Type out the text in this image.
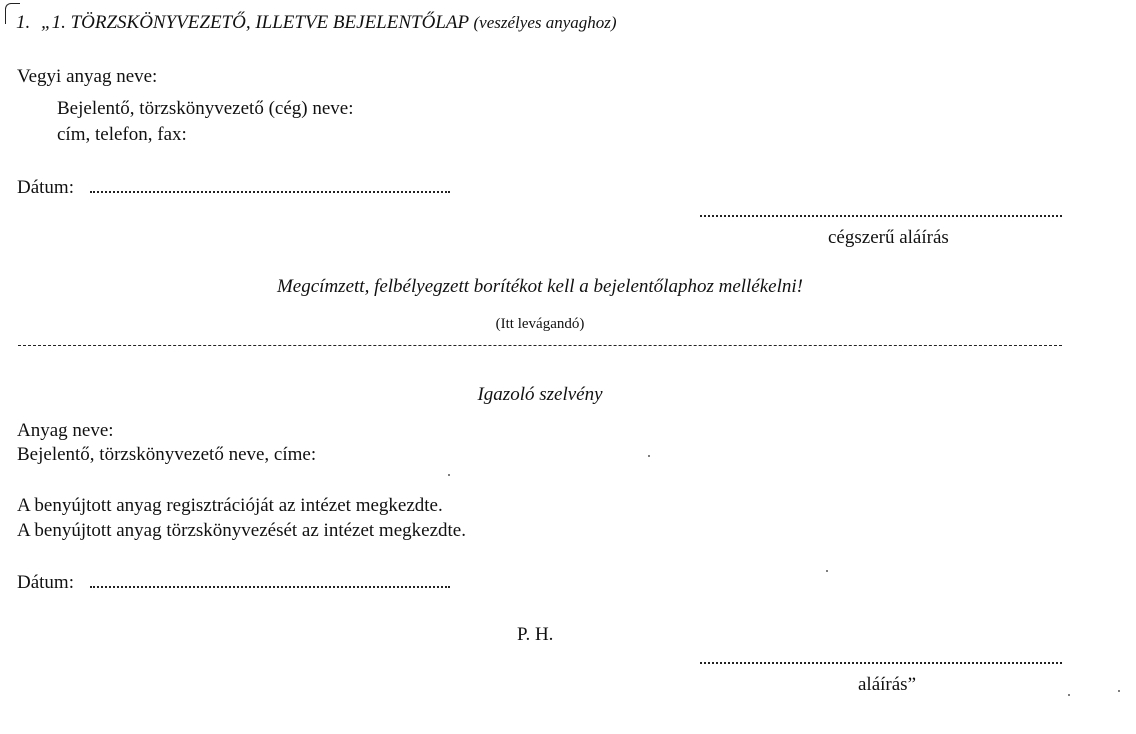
1. „1. TÖRZSKÖNYVEZETŐ, ILLETVE BEJELENTŐLAP (veszélyes anyaghoz)
Vegyi anyag neve:
Bejelentő, törzskönyvezető (cég) neve:
cím, telefon, fax:
Dátum:
cégszerű aláírás
Megcímzett, felbélyegzett borítékot kell a bejelentőlaphoz mellékelni!
(Itt levágandó)
Igazoló szelvény
Anyag neve:
Bejelentő, törzskönyvezető neve, címe:
A benyújtott anyag regisztrációját az intézet megkezdte.
A benyújtott anyag törzskönyvezését az intézet megkezdte.
Dátum:
P. H.
aláírás”
